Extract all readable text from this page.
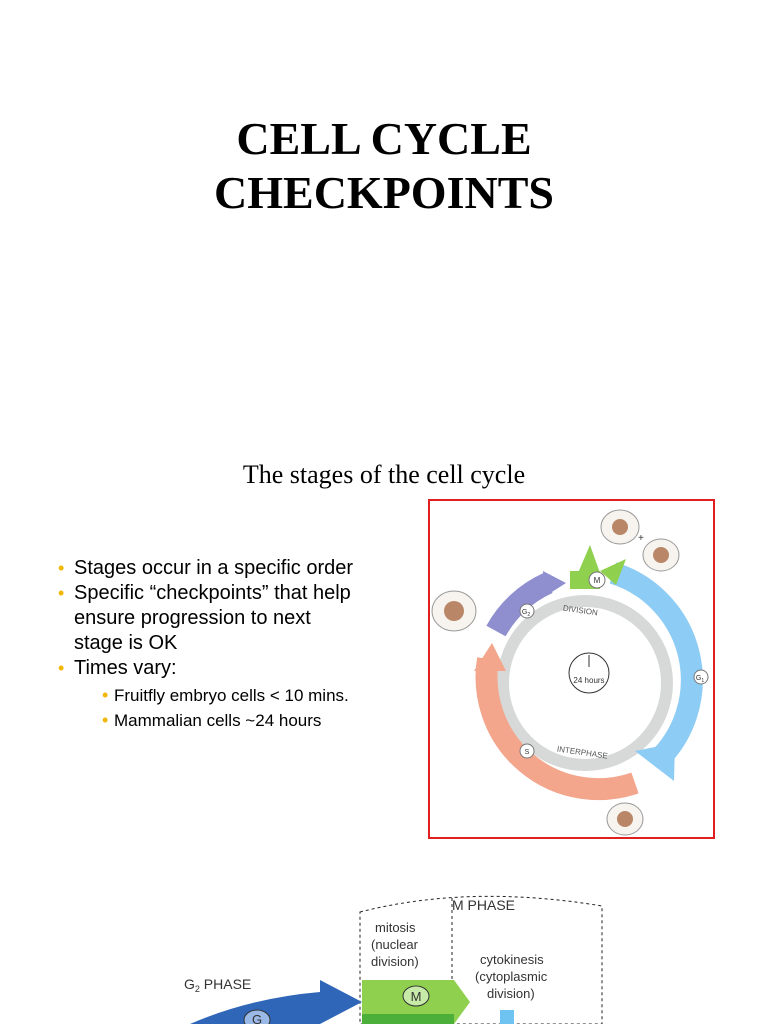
CELL CYCLE
CHECKPOINTS
The stages of the cell cycle
• Stages occur in a specific order
• Specific “checkpoints” that help ensure progression to next stage is OK
• Times vary:
• Fruitfly embryo cells < 10 mins.
• Mammalian cells ~24 hours
+
M
$G_2$
$G_1$
S
DIVISION
INTERPHASE
24 hours
M PHASE
mitosis
(nuclear
division)	cytokinesis
(cytoplasmic
division)
$G_2$ PHASE
M
G
